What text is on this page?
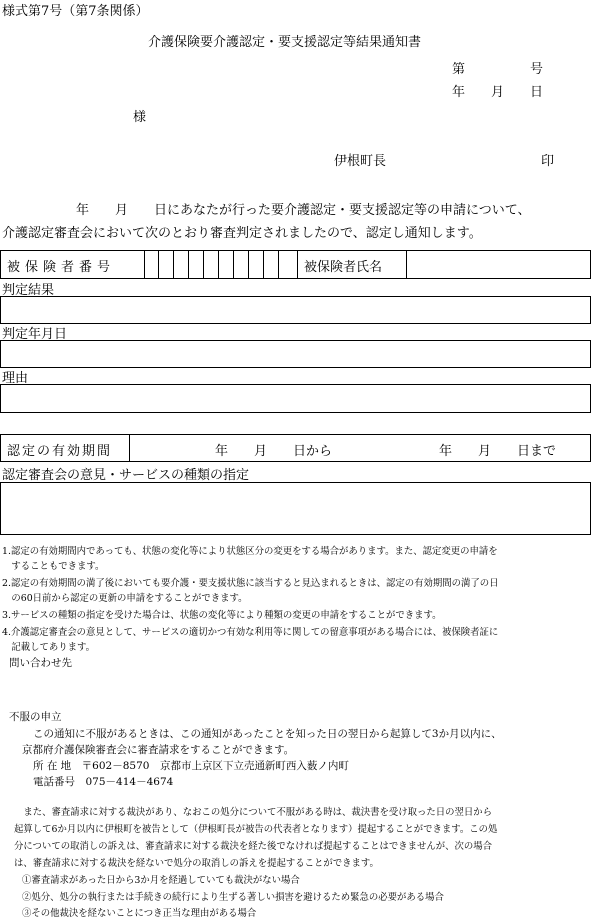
様式第7号（第7条関係）
介護保険要介護認定・要支援認定等結果通知書
第　　　　　号
年　　月　　日
様
伊根町長	印
年　　月　　日にあなたが行った要介護認定・要支援認定等の申請について、
介護認定審査会において次のとおり審査判定されましたので、認定し通知します。
被保険者番号	被保険者氏名
判定結果
判定年月日
理由
認定の有効期間	年　　月　　日から	年　　月　　日まで
認定審査会の意見・サービスの種類の指定
1.認定の有効期間内であっても、状態の変化等により状態区分の変更をする場合があります。また、認定変更の申請を
　することもできます。
2.認定の有効期間の満了後においても要介護・要支援状態に該当すると見込まれるときは、認定の有効期間の満了の日
　の60日前から認定の更新の申請をすることができます。
3.サービスの種類の指定を受けた場合は、状態の変化等により種類の変更の申請をすることができます。
4.介護認定審査会の意見として、サービスの適切かつ有効な利用等に関しての留意事項がある場合には、被保険者証に
　記載してあります。
問い合わせ先
不服の申立
この通知に不服があるときは、この通知があったことを知った日の翌日から起算して3か月以内に、
京都府介護保険審査会に審査請求をすることができます。
所 在 地　〒602－8570　京都市上京区下立売通新町西入薮ノ内町
電話番号　075－414－4674
　また、審査請求に対する裁決があり、なおこの処分について不服がある時は、裁決書を受け取った日の翌日から
起算して6か月以内に伊根町を被告として（伊根町長が被告の代表者となります）提起することができます。この処
分についての取消しの訴えは、審査請求に対する裁決を経た後でなければ提起することはできませんが、次の場合
は、審査請求に対する裁決を経ないで処分の取消しの訴えを提起することができます。
①審査請求があった日から3か月を経過していても裁決がない場合
②処分、処分の執行または手続きの続行により生ずる著しい損害を避けるため緊急の必要がある場合
③その他裁決を経ないことにつき正当な理由がある場合
